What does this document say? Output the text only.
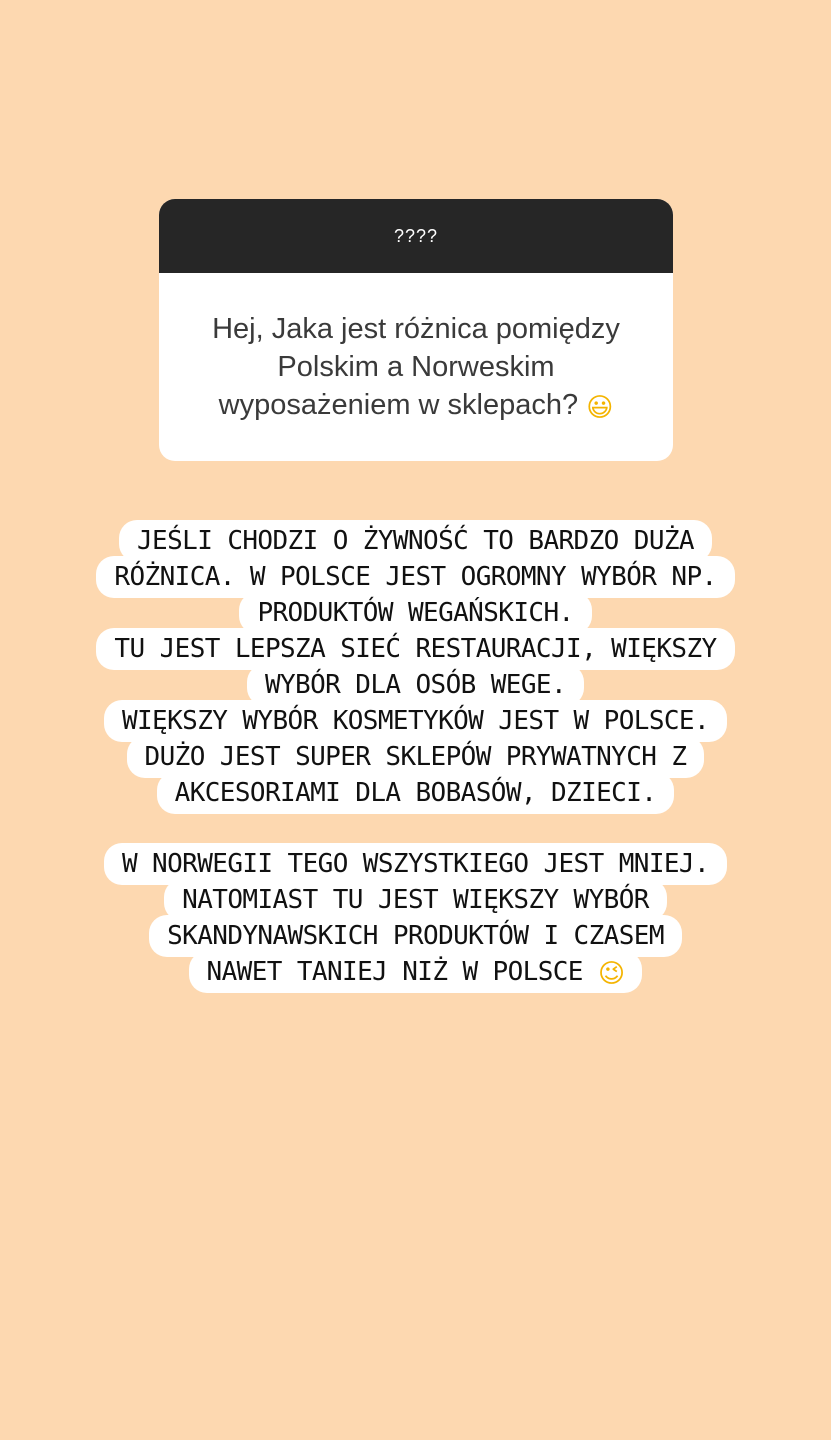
????
Hej, Jaka jest różnica pomiędzy
Polskim a Norweskim
wyposażeniem w sklepach? 😃
JEŚLI CHODZI O ŻYWNOŚĆ TO BARDZO DUŻA
RÓŻNICA. W POLSCE JEST OGROMNY WYBÓR NP.
PRODUKTÓW WEGAŃSKICH.
TU JEST LEPSZA SIEĆ RESTAURACJI, WIĘKSZY
WYBÓR DLA OSÓB WEGE.
WIĘKSZY WYBÓR KOSMETYKÓW JEST W POLSCE.
DUŻO JEST SUPER SKLEPÓW PRYWATNYCH Z
AKCESORIAMI DLA BOBASÓW, DZIECI.
W NORWEGII TEGO WSZYSTKIEGO JEST MNIEJ.
NATOMIAST TU JEST WIĘKSZY WYBÓR
SKANDYNAWSKICH PRODUKTÓW I CZASEM
NAWET TANIEJ NIŻ W POLSCE 😉
